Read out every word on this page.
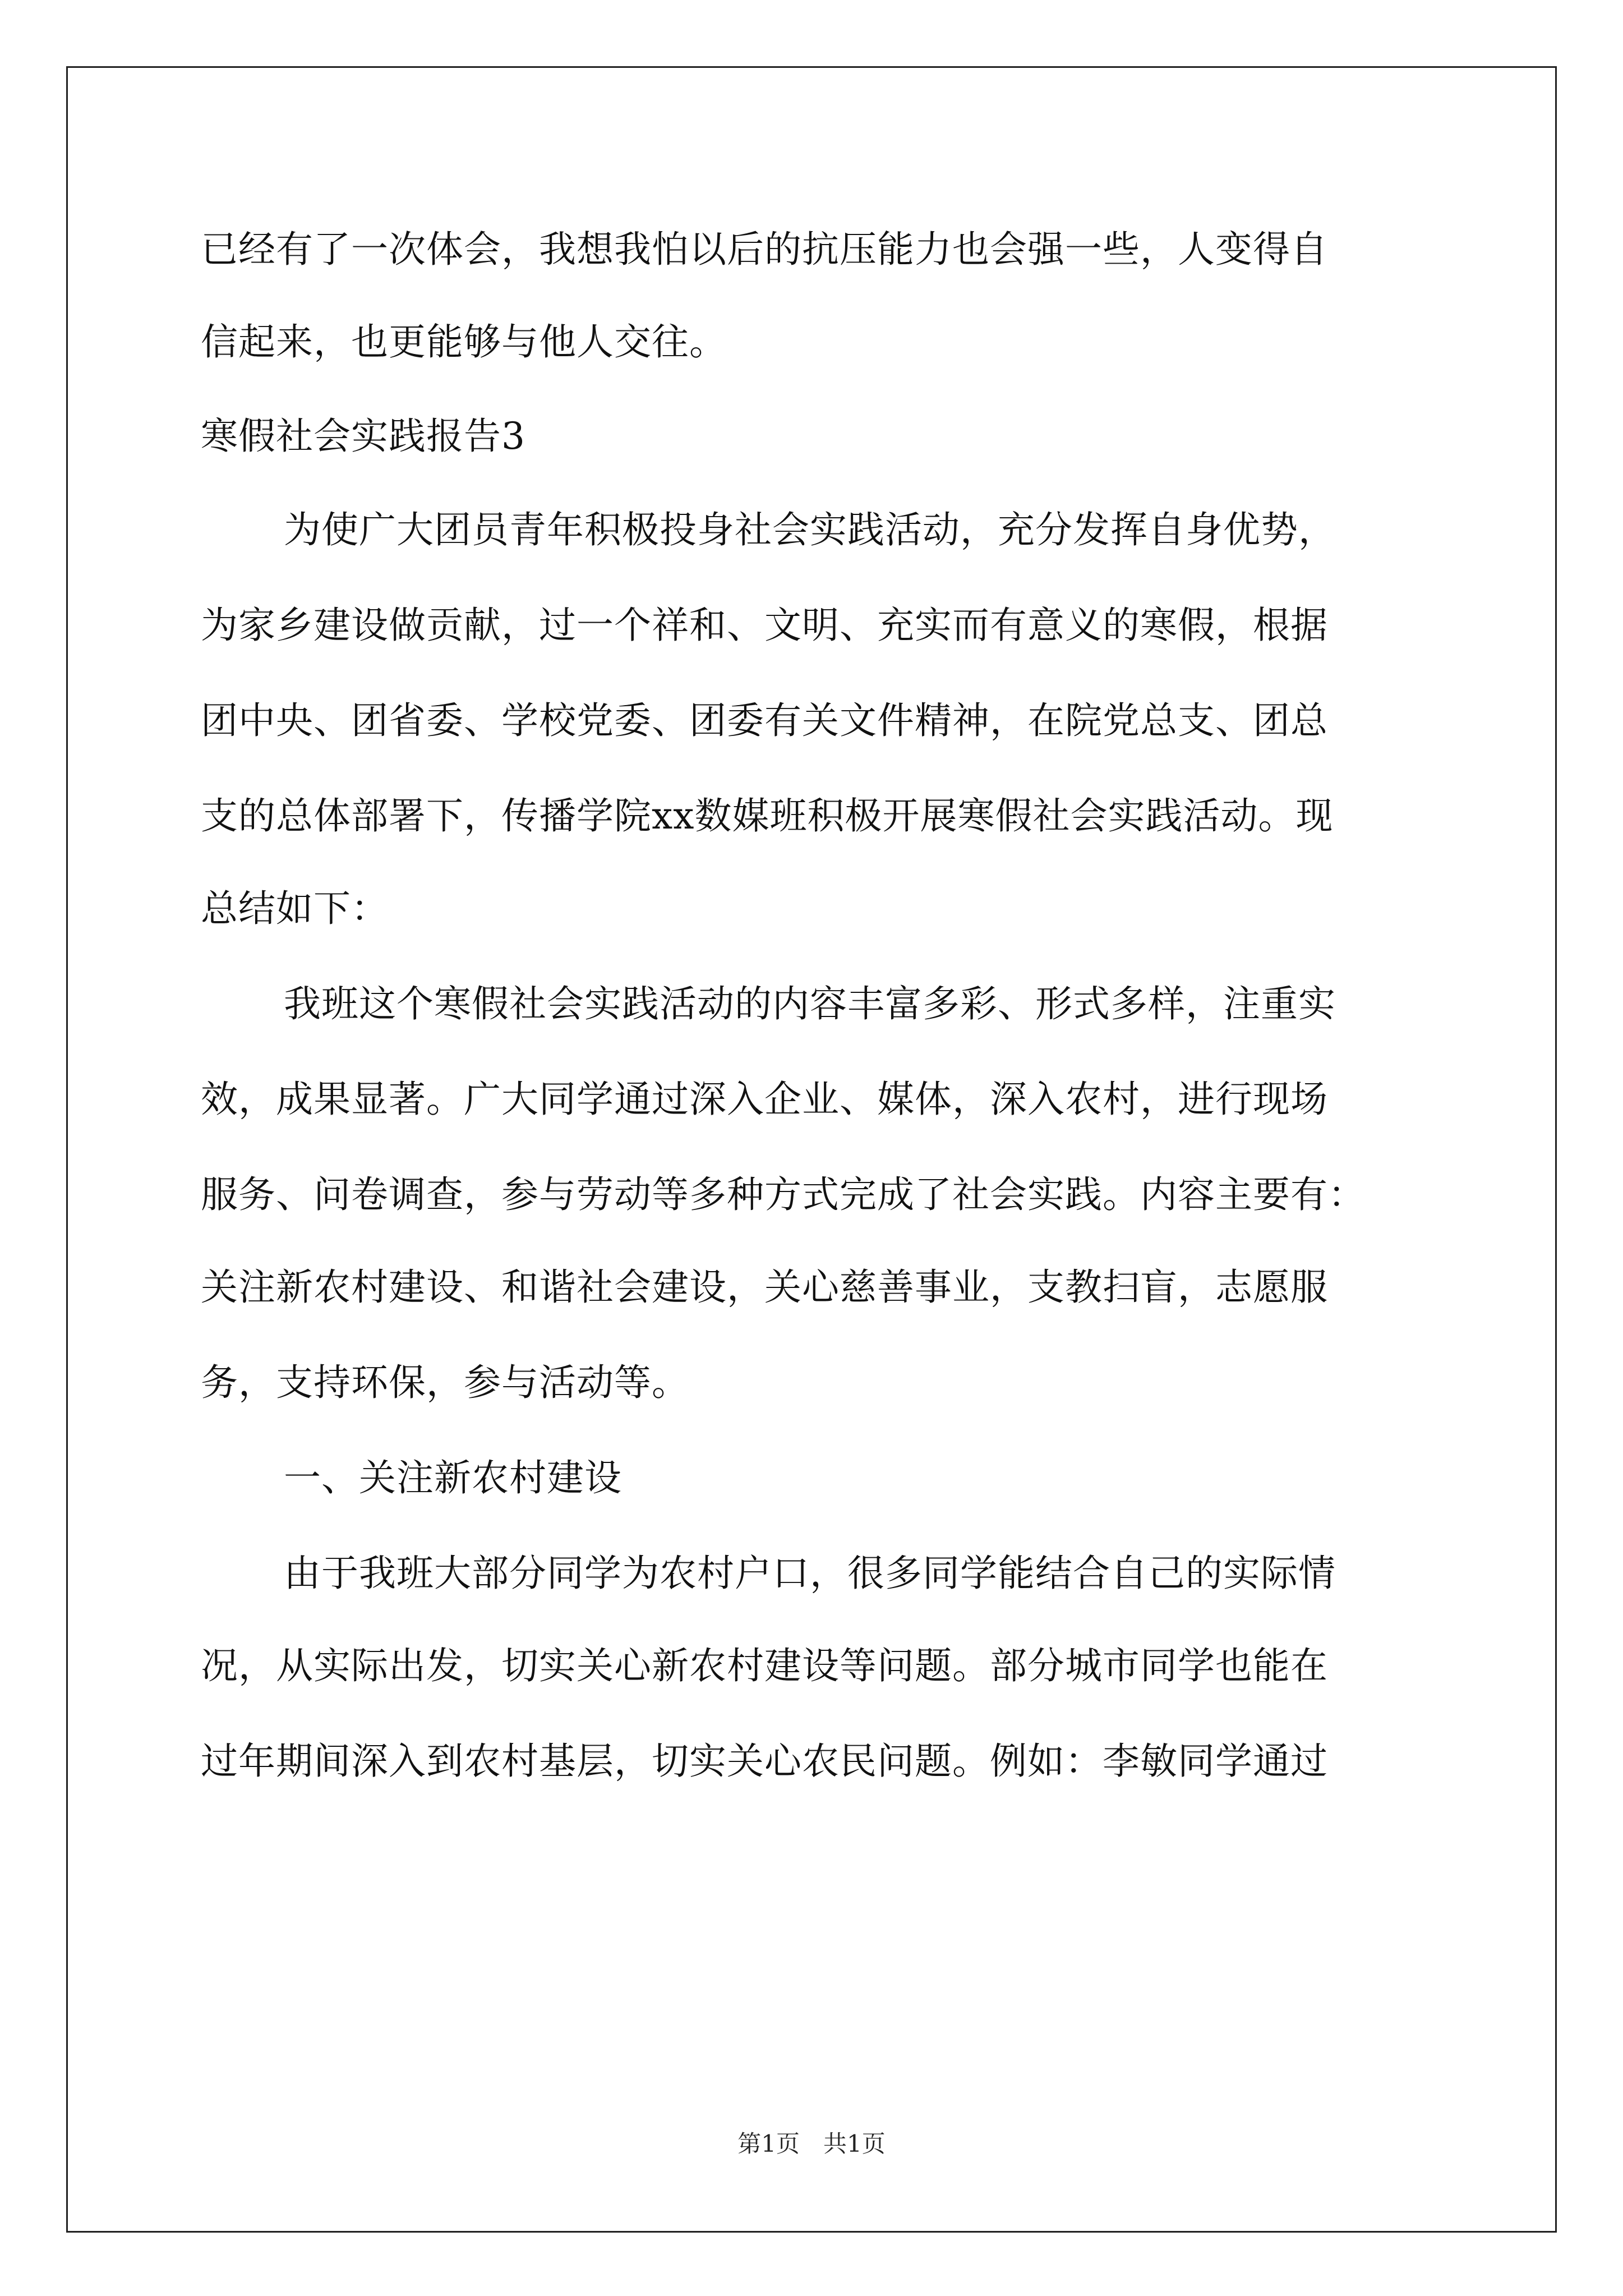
已经有了一次体会，我想我怕以后的抗压能力也会强一些，人变得自
信起来，也更能够与他人交往。
寒假社会实践报告3
为使广大团员青年积极投身社会实践活动，充分发挥自身优势，
为家乡建设做贡献，过一个祥和、文明、充实而有意义的寒假，根据
团中央、团省委、学校党委、团委有关文件精神，在院党总支、团总
支的总体部署下，传播学院xx数媒班积极开展寒假社会实践活动。现
总结如下：
我班这个寒假社会实践活动的内容丰富多彩、形式多样，注重实
效，成果显著。广大同学通过深入企业、媒体，深入农村，进行现场
服务、问卷调查，参与劳动等多种方式完成了社会实践。内容主要有：
关注新农村建设、和谐社会建设，关心慈善事业，支教扫盲，志愿服
务，支持环保，参与活动等。
一、关注新农村建设
由于我班大部分同学为农村户口，很多同学能结合自己的实际情
况，从实际出发，切实关心新农村建设等问题。部分城市同学也能在
过年期间深入到农村基层，切实关心农民问题。例如：李敏同学通过
第1页　共1页
